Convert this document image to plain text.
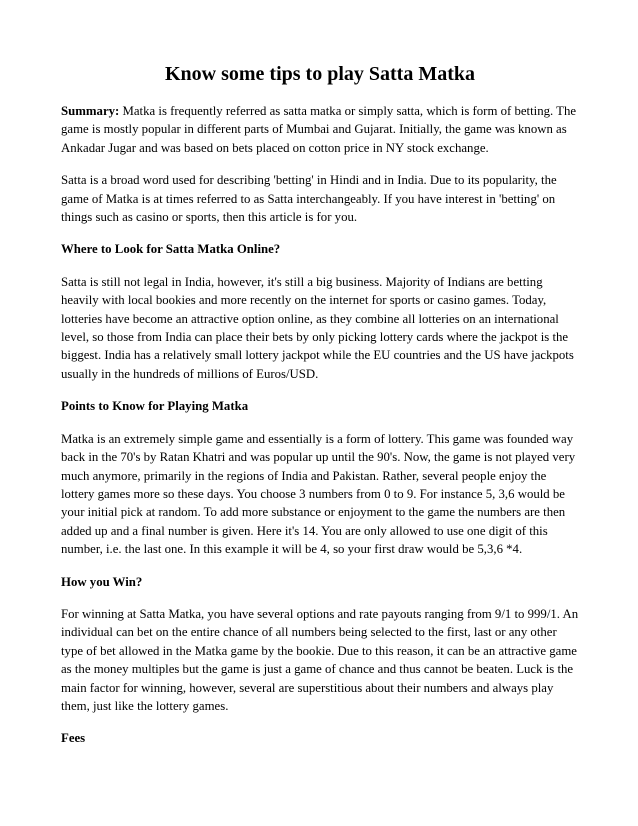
Know some tips to play Satta Matka

Summary: Matka is frequently referred as satta matka or simply satta, which is form of betting. The game is mostly popular in different parts of Mumbai and Gujarat. Initially, the game was known as Ankadar Jugar and was based on bets placed on cotton price in NY stock exchange.

Satta is a broad word used for describing 'betting' in Hindi and in India. Due to its popularity, the game of Matka is at times referred to as Satta interchangeably. If you have interest in 'betting' on things such as casino or sports, then this article is for you.

Where to Look for Satta Matka Online?

Satta is still not legal in India, however, it's still a big business. Majority of Indians are betting heavily with local bookies and more recently on the internet for sports or casino games. Today, lotteries have become an attractive option online, as they combine all lotteries on an international level, so those from India can place their bets by only picking lottery cards where the jackpot is the biggest. India has a relatively small lottery jackpot while the EU countries and the US have jackpots usually in the hundreds of millions of Euros/USD.

Points to Know for Playing Matka

Matka is an extremely simple game and essentially is a form of lottery. This game was founded way back in the 70's by Ratan Khatri and was popular up until the 90's. Now, the game is not played very much anymore, primarily in the regions of India and Pakistan. Rather, several people enjoy the lottery games more so these days. You choose 3 numbers from 0 to 9. For instance 5, 3,6 would be your initial pick at random. To add more substance or enjoyment to the game the numbers are then added up and a final number is given. Here it's 14. You are only allowed to use one digit of this number, i.e. the last one. In this example it will be 4, so your first draw would be 5,3,6 *4.

How you Win?

For winning at Satta Matka, you have several options and rate payouts ranging from 9/1 to 999/1. An individual can bet on the entire chance of all numbers being selected to the first, last or any other type of bet allowed in the Matka game by the bookie. Due to this reason, it can be an attractive game as the money multiples but the game is just a game of chance and thus cannot be beaten. Luck is the main factor for winning, however, several are superstitious about their numbers and always play them, just like the lottery games.

Fees
